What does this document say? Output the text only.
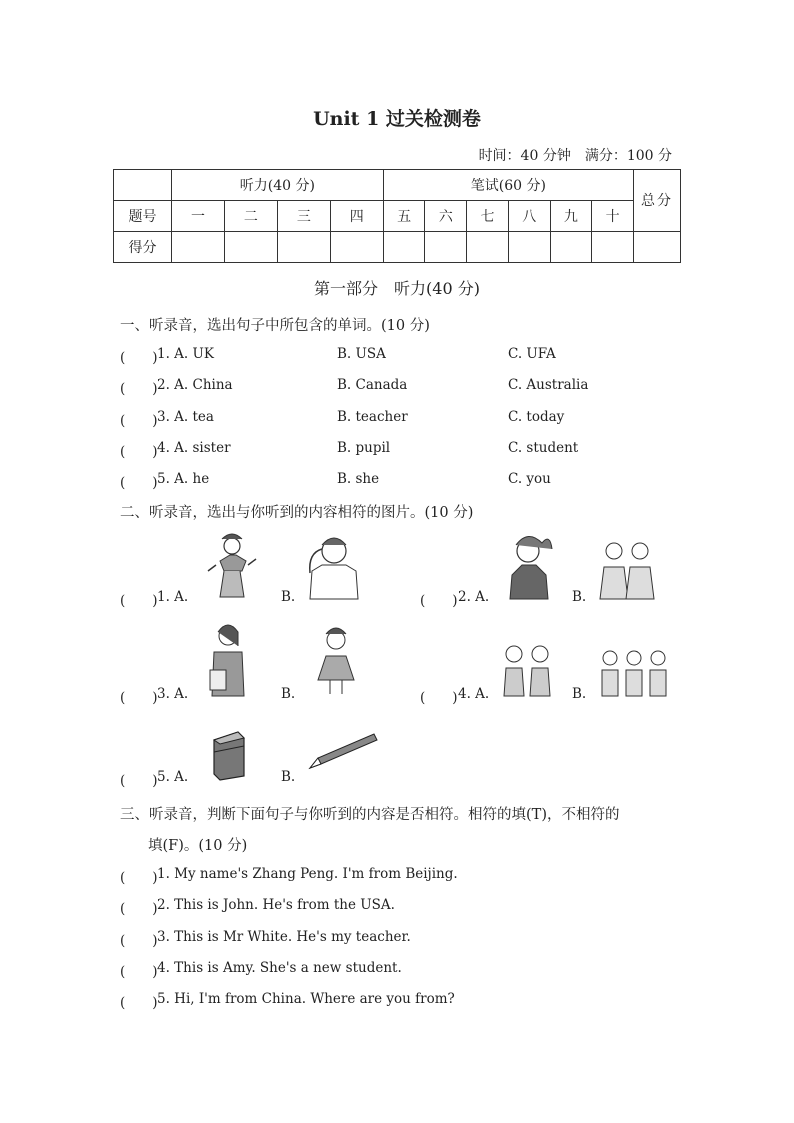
Unit 1 过关检测卷
时间：40 分钟　满分：100 分
	听力(40 分)				笔试(60 分)						总分
题号	一	二	三	四	五	六	七	八	九	十	
得分											
第一部分　听力(40 分)
一、听录音，选出句子中所包含的单词。(10 分)
(　　) 1. A. UK	B. USA	C. UFA
(　　) 2. A. China	B. Canada	C. Australia
(　　) 3. A. tea	B. teacher	C. today
(　　) 4. A. sister	B. pupil	C. student
(　　) 5. A. he	B. she	C. you
二、听录音，选出与你听到的内容相符的图片。(10 分)
(　　) 1. A.	B.	(　　) 2. A.	B.
(　　) 3. A.	B.	(　　) 4. A.	B.
(　　) 5. A.	B.
三、听录音，判断下面句子与你听到的内容是否相符。相符的填(T)，不相符的
填(F)。(10 分)
(　　) 1. My name's Zhang Peng. I'm from Beijing.
(　　) 2. This is John. He's from the USA.
(　　) 3. This is Mr White. He's my teacher.
(　　) 4. This is Amy. She's a new student.
(　　) 5. Hi, I'm from China. Where are you from?
